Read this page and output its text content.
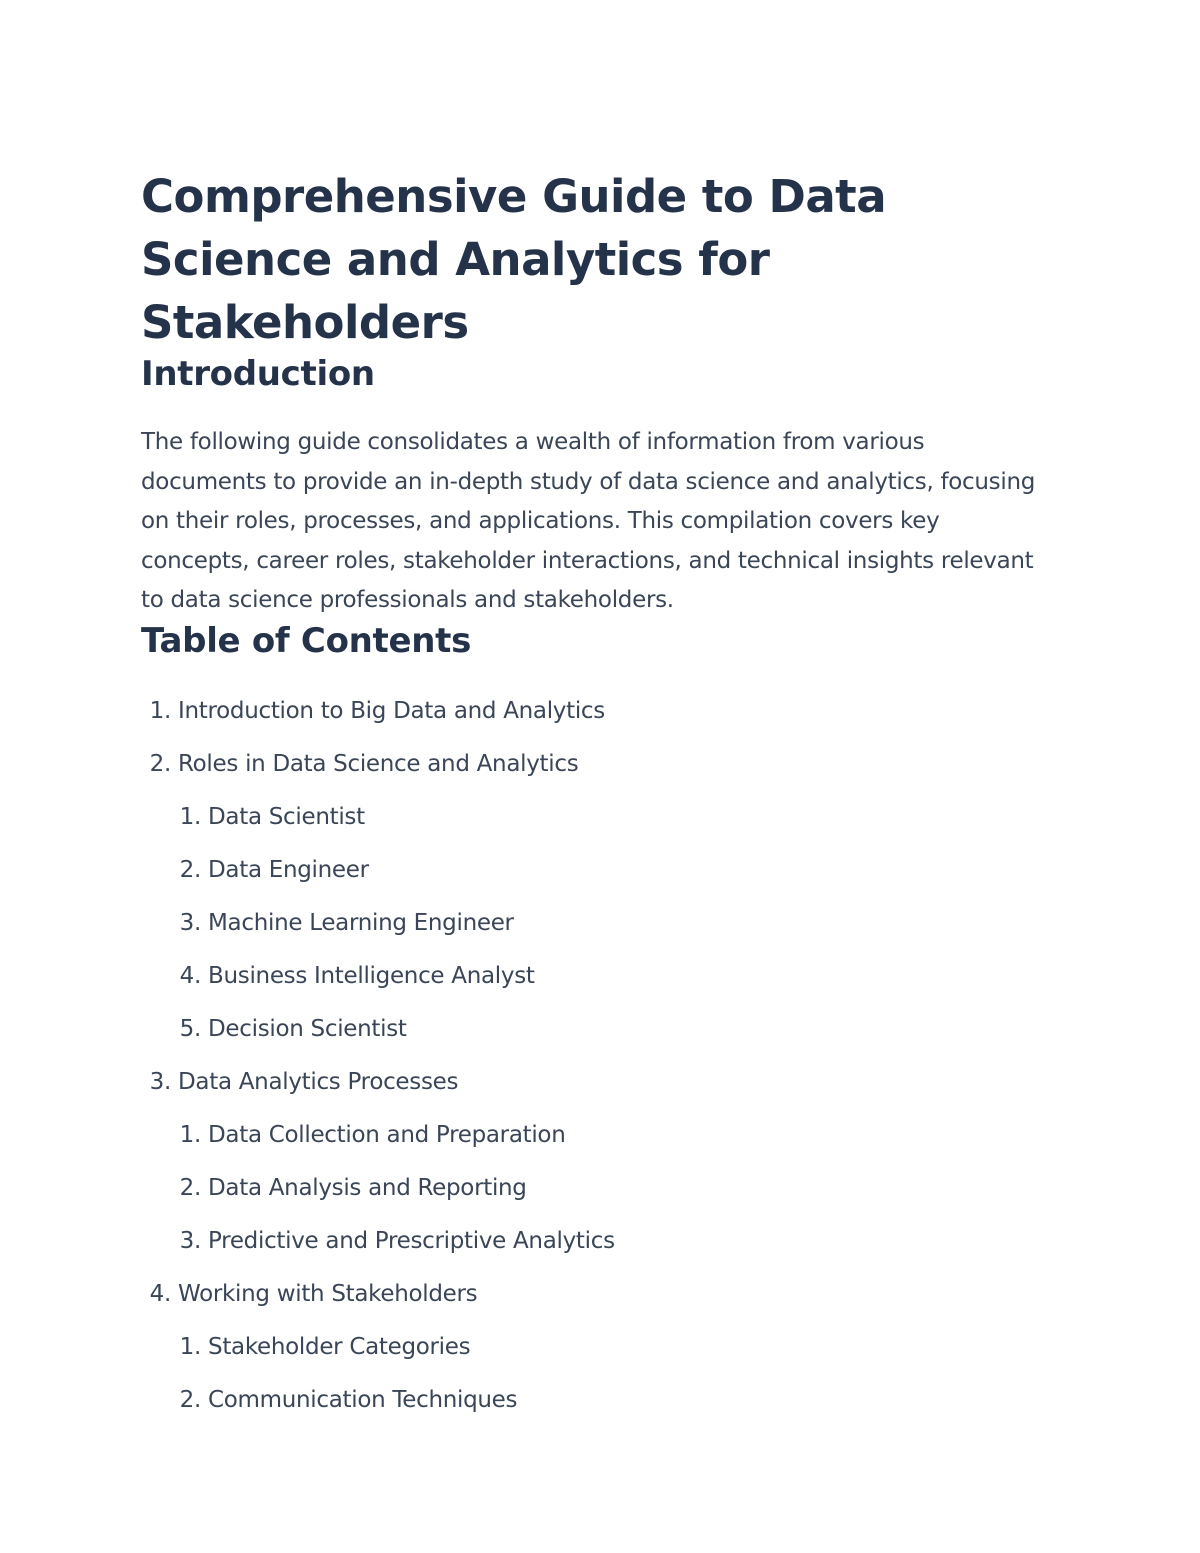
Comprehensive Guide to Data Science and Analytics for Stakeholders
Introduction

The following guide consolidates a wealth of information from various documents to provide an in-depth study of data science and analytics, focusing on their roles, processes, and applications. This compilation covers key concepts, career roles, stakeholder interactions, and technical insights relevant to data science professionals and stakeholders.

Table of Contents
1. Introduction to Big Data and Analytics
2. Roles in Data Science and Analytics
1. Data Scientist
2. Data Engineer
3. Machine Learning Engineer
4. Business Intelligence Analyst
5. Decision Scientist
3. Data Analytics Processes
1. Data Collection and Preparation
2. Data Analysis and Reporting
3. Predictive and Prescriptive Analytics
4. Working with Stakeholders
1. Stakeholder Categories
2. Communication Techniques
